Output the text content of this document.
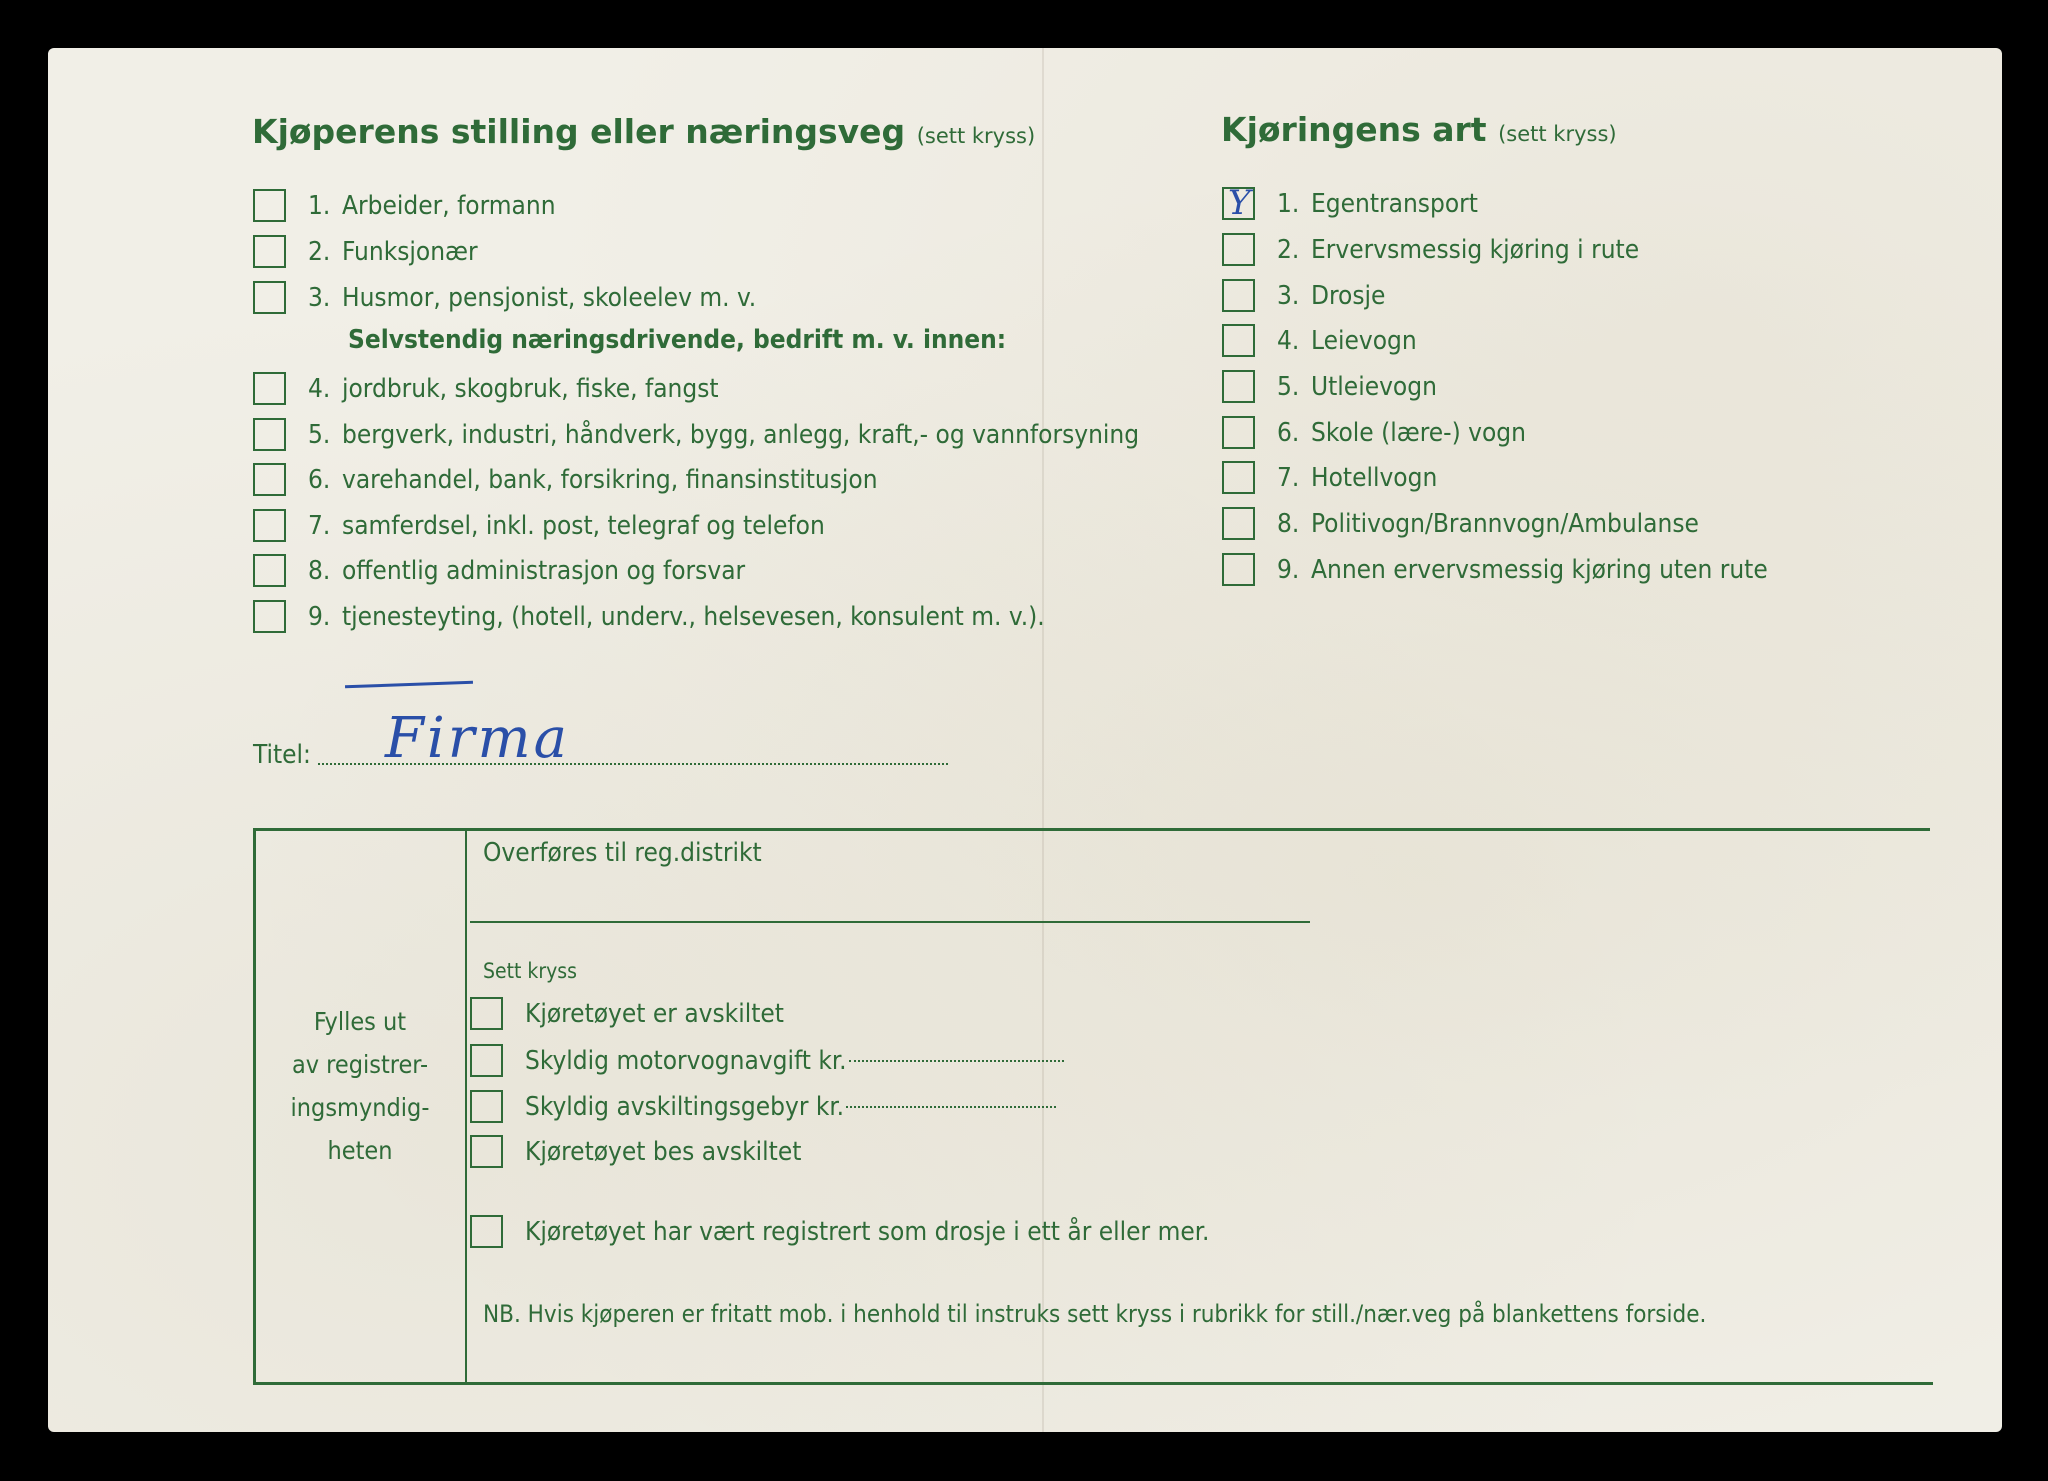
Kjøperens stilling eller næringsveg (sett kryss)	Kjøringens art (sett kryss)
1. Arbeider, formann
2. Funksjonær
3. Husmor, pensjonist, skoleelev m. v.
Selvstendig næringsdrivende, bedrift m. v. innen:
4. jordbruk, skogbruk, fiske, fangst
5. bergverk, industri, håndverk, bygg, anlegg, kraft,- og vannforsyning
6. varehandel, bank, forsikring, finansinstitusjon
7. samferdsel, inkl. post, telegraf og telefon
8. offentlig administrasjon og forsvar
9. tjenesteyting, (hotell, underv., helsevesen, konsulent m. v.).
Y 1. Egentransport
2. Ervervsmessig kjøring i rute
3. Drosje
4. Leievogn
5. Utleievogn
6. Skole (lære-) vogn
7. Hotellvogn
8. Politivogn/Brannvogn/Ambulanse
9. Annen ervervsmessig kjøring uten rute
Titel: Firma
Fylles ut
av registrer-
ingsmyndig-
heten
Overføres til reg.distrikt
Sett kryss
Kjøretøyet er avskiltet
Skyldig motorvognavgift kr.
Skyldig avskiltingsgebyr kr.
Kjøretøyet bes avskiltet
Kjøretøyet har vært registrert som drosje i ett år eller mer.
NB. Hvis kjøperen er fritatt mob. i henhold til instruks sett kryss i rubrikk for still./nær.veg på blankettens forside.
